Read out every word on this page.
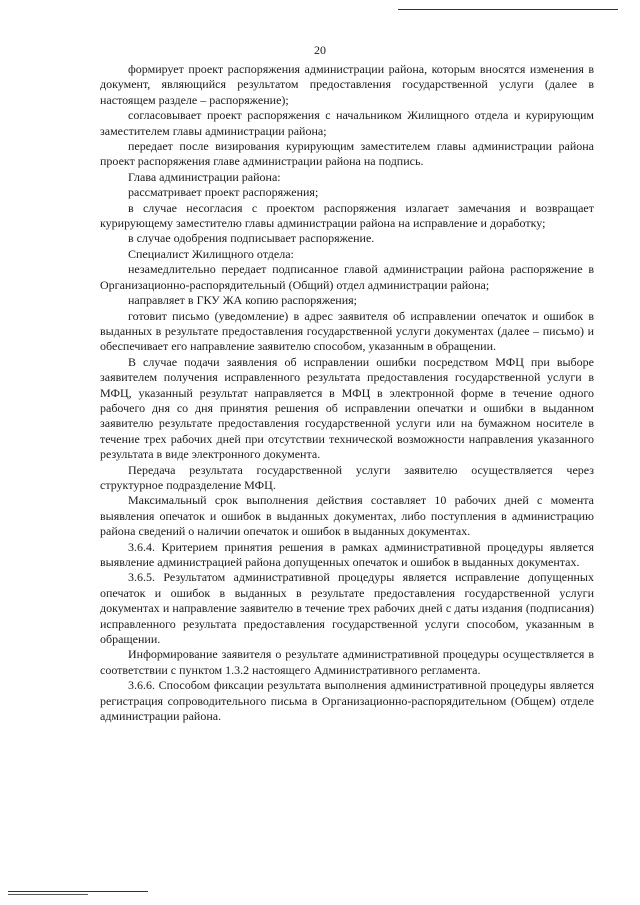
20

формирует проект распоряжения администрации района, которым вносятся изменения в документ, являющийся результатом предоставления государственной услуги (далее в настоящем разделе – распоряжение);

согласовывает проект распоряжения с начальником Жилищного отдела и курирующим заместителем главы администрации района;

передает после визирования курирующим заместителем главы администрации района проект распоряжения главе администрации района на подпись.

Глава администрации района:

рассматривает проект распоряжения;

в случае несогласия с проектом распоряжения излагает замечания и возвращает курирующему заместителю главы администрации района на исправление и доработку;

в случае одобрения подписывает распоряжение.

Специалист Жилищного отдела:

незамедлительно передает подписанное главой администрации района распоряжение в Организационно-распорядительный (Общий) отдел администрации района;

направляет в ГКУ ЖА копию распоряжения;

готовит письмо (уведомление) в адрес заявителя об исправлении опечаток и ошибок в выданных в результате предоставления государственной услуги документах (далее – письмо) и обеспечивает его направление заявителю способом, указанным в обращении.

В случае подачи заявления об исправлении ошибки посредством МФЦ при выборе заявителем получения исправленного результата предоставления государственной услуги в МФЦ, указанный результат направляется в МФЦ в электронной форме в течение одного рабочего дня со дня принятия решения об исправлении опечатки и ошибки в выданном заявителю результате предоставления государственной услуги или на бумажном носителе в течение трех рабочих дней при отсутствии технической возможности направления указанного результата в виде электронного документа.

Передача результата государственной услуги заявителю осуществляется через структурное подразделение МФЦ.

Максимальный срок выполнения действия составляет 10 рабочих дней с момента выявления опечаток и ошибок в выданных документах, либо поступления в администрацию района сведений о наличии опечаток и ошибок в выданных документах.

3.6.4. Критерием принятия решения в рамках административной процедуры является выявление администрацией района допущенных опечаток и ошибок в выданных документах.

3.6.5. Результатом административной процедуры является исправление допущенных опечаток и ошибок в выданных в результате предоставления государственной услуги документах и направление заявителю в течение трех рабочих дней с даты издания (подписания) исправленного результата предоставления государственной услуги способом, указанным в обращении.

Информирование заявителя о результате административной процедуры осуществляется в соответствии с пунктом 1.3.2 настоящего Административного регламента.

3.6.6. Способом фиксации результата выполнения административной процедуры является регистрация сопроводительного письма в Организационно-распорядительном (Общем) отделе администрации района.
